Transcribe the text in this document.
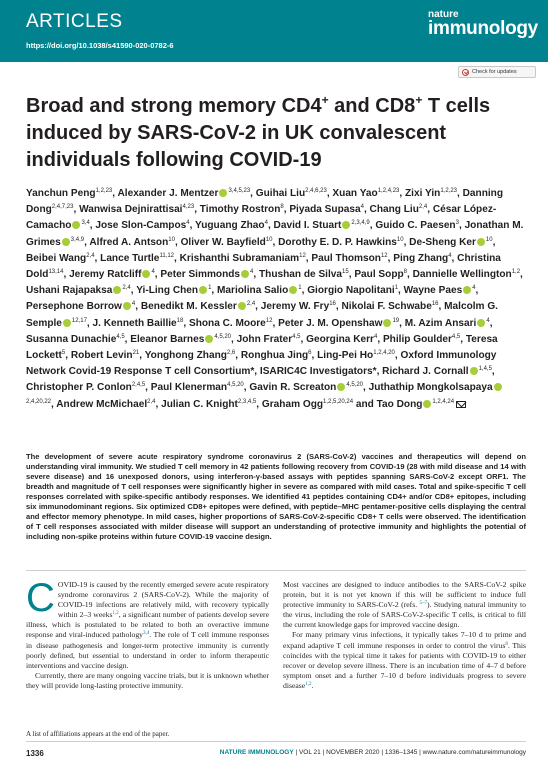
ARTICLES
https://doi.org/10.1038/s41590-020-0782-6
nature
immunology
Check for updates
Broad and strong memory CD4+ and CD8+ T cells induced by SARS-CoV-2 in UK convalescent individuals following COVID-19
Yanchun Peng$^{1,2,23}$, Alexander J. Mentzer $^{3,4,5,23}$, Guihai Liu$^{2,4,6,23}$, Xuan Yao$^{1,2,4,23}$, Zixi Yin$^{1,2,23}$, Danning Dong$^{2,4,7,23}$, Wanwisa Dejnirattisai$^{4,23}$, Timothy Rostron$^8$, Piyada Supasa$^4$, Chang Liu$^{2,4}$, César López-Camacho $^{3,4}$, Jose Slon-Campos$^4$, Yuguang Zhao$^4$, David I. Stuart $^{2,3,4,9}$, Guido C. Paesen$^3$, Jonathan M. Grimes $^{3,4,9}$, Alfred A. Antson$^{10}$, Oliver W. Bayfield$^{10}$, Dorothy E. D. P. Hawkins$^{10}$, De-Sheng Ker $^{10}$, Beibei Wang$^{2,4}$, Lance Turtle$^{11,12}$, Krishanthi Subramaniam$^{12}$, Paul Thomson$^{12}$, Ping Zhang$^4$, Christina Dold$^{13,14}$, Jeremy Ratcliff $^4$, Peter Simmonds $^4$, Thushan de Silva$^{15}$, Paul Sopp$^8$, Dannielle Wellington$^{1,2}$, Ushani Rajapaksa $^{2,4}$, Yi-Ling Chen $^1$, Mariolina Salio $^1$, Giorgio Napolitani$^1$, Wayne Paes $^4$, Persephone Borrow $^4$, Benedikt M. Kessler $^{2,4}$, Jeremy W. Fry$^{16}$, Nikolai F. Schwabe$^{16}$, Malcolm G. Semple $^{12,17}$, J. Kenneth Baillie$^{18}$, Shona C. Moore$^{12}$, Peter J. M. Openshaw $^{19}$, M. Azim Ansari $^4$, Susanna Dunachie$^{4,5}$, Eleanor Barnes $^{4,5,20}$, John Frater$^{4,5}$, Georgina Kerr$^4$, Philip Goulder$^{4,5}$, Teresa Lockett$^5$, Robert Levin$^{21}$, Yonghong Zhang$^{2,6}$, Ronghua Jing$^6$, Ling-Pei Ho$^{1,2,4,20}$, Oxford Immunology Network Covid-19 Response T cell Consortium*, ISARIC4C Investigators*, Richard J. Cornall $^{1,4,5}$, Christopher P. Conlon$^{2,4,5}$, Paul Klenerman$^{4,5,20}$, Gavin R. Screaton $^{4,5,20}$, Juthathip Mongkolsapaya$^{2,4,20,22}$, Andrew McMichael$^{2,4}$, Julian C. Knight$^{2,3,4,5}$, Graham Ogg$^{1,2,5,20,24}$ and Tao Dong $^{1,2,4,24}$
The development of severe acute respiratory syndrome coronavirus 2 (SARS-CoV-2) vaccines and therapeutics will depend on understanding viral immunity. We studied T cell memory in 42 patients following recovery from COVID-19 (28 with mild disease and 14 with severe disease) and 16 unexposed donors, using interferon-γ-based assays with peptides spanning SARS-CoV-2 except ORF1. The breadth and magnitude of T cell responses were significantly higher in severe as compared with mild cases. Total and spike-specific T cell responses correlated with spike-specific antibody responses. We identified 41 peptides containing CD4+ and/or CD8+ epitopes, including six immunodominant regions. Six optimized CD8+ epitopes were defined, with peptide–MHC pentamer-positive cells displaying the central and effector memory phenotype. In mild cases, higher proportions of SARS-CoV-2-specific CD8+ T cells were observed. The identification of T cell responses associated with milder disease will support an understanding of protective immunity and highlights the potential of including non-spike proteins within future COVID-19 vaccine design.

COVID-19 is caused by the recently emerged severe acute respiratory syndrome coronavirus 2 (SARS-CoV-2). While the majority of COVID-19 infections are relatively mild, with recovery typically within 2–3 weeks$^{1,2}$, a significant number of patients develop severe illness, which is postulated to be related to both an overactive immune response and viral-induced pathology$^{3,4}$. The role of T cell immune responses in disease pathogenesis and longer-term protective immunity is currently poorly defined, but essential to understand in order to inform therapeutic interventions and vaccine design.

Currently, there are many ongoing vaccine trials, but it is unknown whether they will provide long-lasting protective immunity.

Most vaccines are designed to induce antibodies to the SARS-CoV-2 spike protein, but it is not yet known if this will be sufficient to induce full protective immunity to SARS-CoV-2 (refs. $^{5-7}$). Studying natural immunity to the virus, including the role of SARS-CoV-2-specific T cells, is critical to fill the current knowledge gaps for improved vaccine design.

For many primary virus infections, it typically takes 7–10 d to prime and expand adaptive T cell immune responses in order to control the virus$^8$. This coincides with the typical time it takes for patients with COVID-19 to either recover or develop severe illness. There is an incubation time of 4–7 d before symptom onset and a further 7–10 d before individuals progress to severe disease$^{1,2}$.

A list of affiliations appears at the end of the paper.
1336	NATURE IMMUNOLOGY | VOL 21 | NOVEMBER 2020 | 1336–1345 | www.nature.com/natureimmunology
